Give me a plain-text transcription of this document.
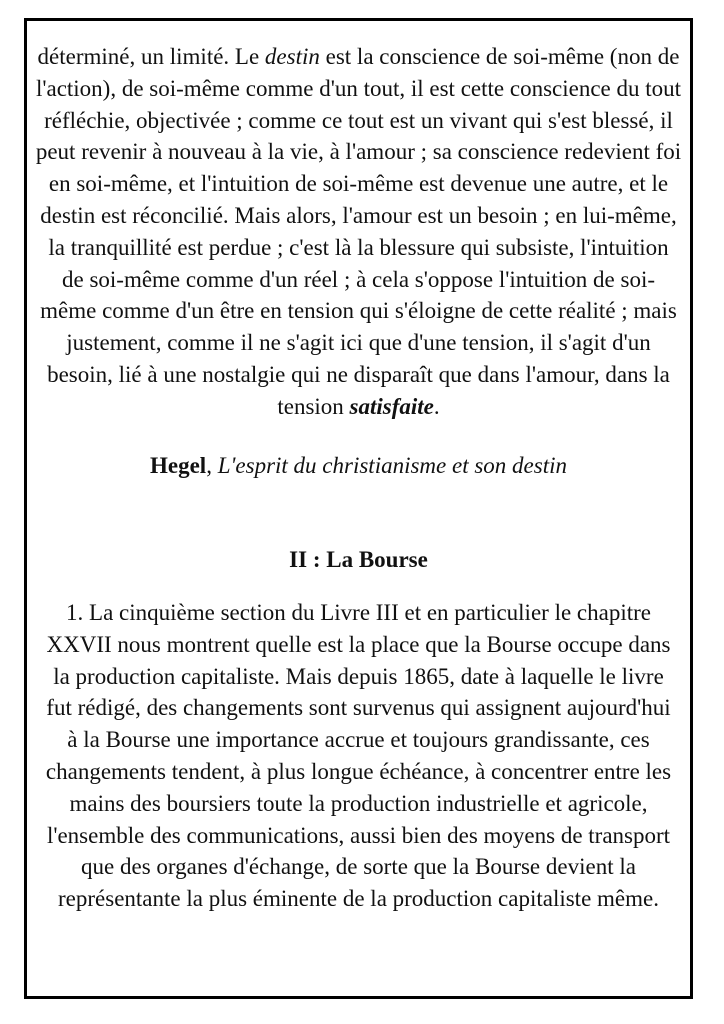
déterminé, un limité. Le destin est la conscience de soi-même (non de l'action), de soi-même comme d'un tout, il est cette conscience du tout réfléchie, objectivée ; comme ce tout est un vivant qui s'est blessé, il peut revenir à nouveau à la vie, à l'amour ; sa conscience redevient foi en soi-même, et l'intuition de soi-même est devenue une autre, et le destin est réconcilié. Mais alors, l'amour est un besoin ; en lui-même, la tranquillité est perdue ; c'est là la blessure qui subsiste, l'intuition de soi-même comme d'un réel ; à cela s'oppose l'intuition de soi-même comme d'un être en tension qui s'éloigne de cette réalité ; mais justement, comme il ne s'agit ici que d'une tension, il s'agit d'un besoin, lié à une nostalgie qui ne disparaît que dans l'amour, dans la tension satisfaite.

Hegel, L'esprit du christianisme et son destin
II : La Bourse

1. La cinquième section du Livre III et en particulier le chapitre XXVII nous montrent quelle est la place que la Bourse occupe dans la production capitaliste. Mais depuis 1865, date à laquelle le livre fut rédigé, des changements sont survenus qui assignent aujourd'hui à la Bourse une importance accrue et toujours grandissante, ces changements tendent, à plus longue échéance, à concentrer entre les mains des boursiers toute la production industrielle et agricole, l'ensemble des communications, aussi bien des moyens de transport que des organes d'échange, de sorte que la Bourse devient la représentante la plus éminente de la production capitaliste même.
